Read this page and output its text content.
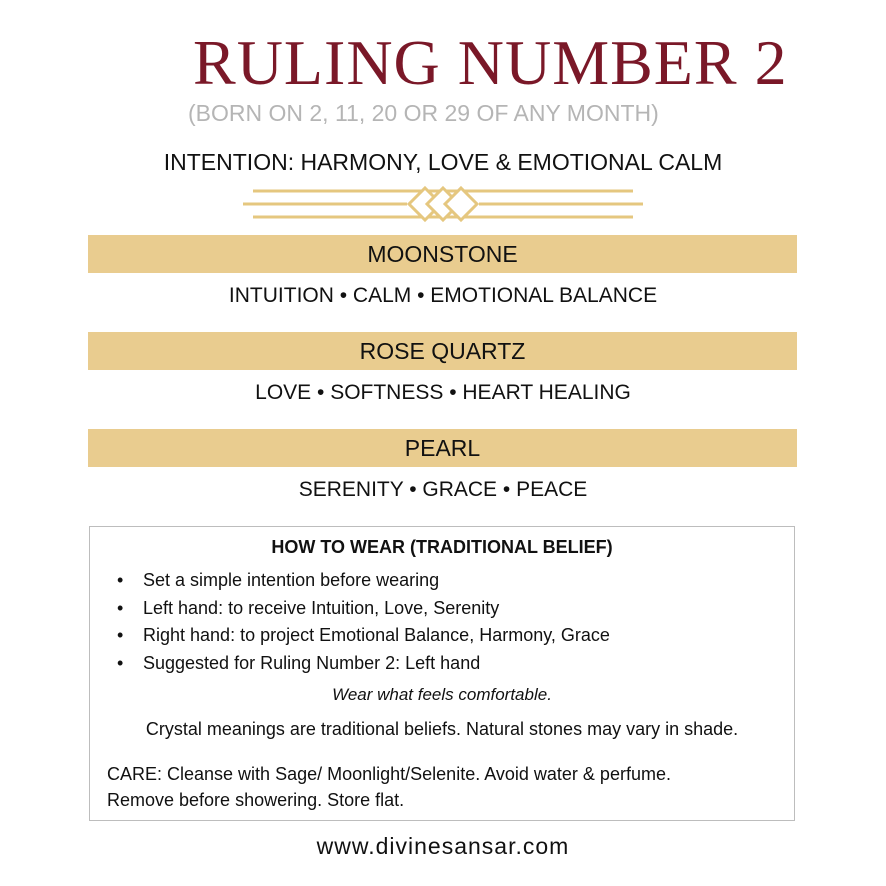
RULING NUMBER 2
(BORN ON 2, 11, 20 OR 29 OF ANY MONTH)
INTENTION: HARMONY, LOVE & EMOTIONAL CALM
MOONSTONE
INTUITION • CALM • EMOTIONAL BALANCE
ROSE QUARTZ
LOVE • SOFTNESS • HEART HEALING
PEARL
SERENITY • GRACE • PEACE
HOW TO WEAR (TRADITIONAL BELIEF)
• Set a simple intention before wearing
• Left hand: to receive Intuition, Love, Serenity
• Right hand: to project Emotional Balance, Harmony, Grace
• Suggested for Ruling Number 2: Left hand
Wear what feels comfortable.
Crystal meanings are traditional beliefs. Natural stones may vary in shade.
CARE: Cleanse with Sage/ Moonlight/Selenite. Avoid water & perfume.
Remove before showering. Store flat.
www.divinesansar.com
